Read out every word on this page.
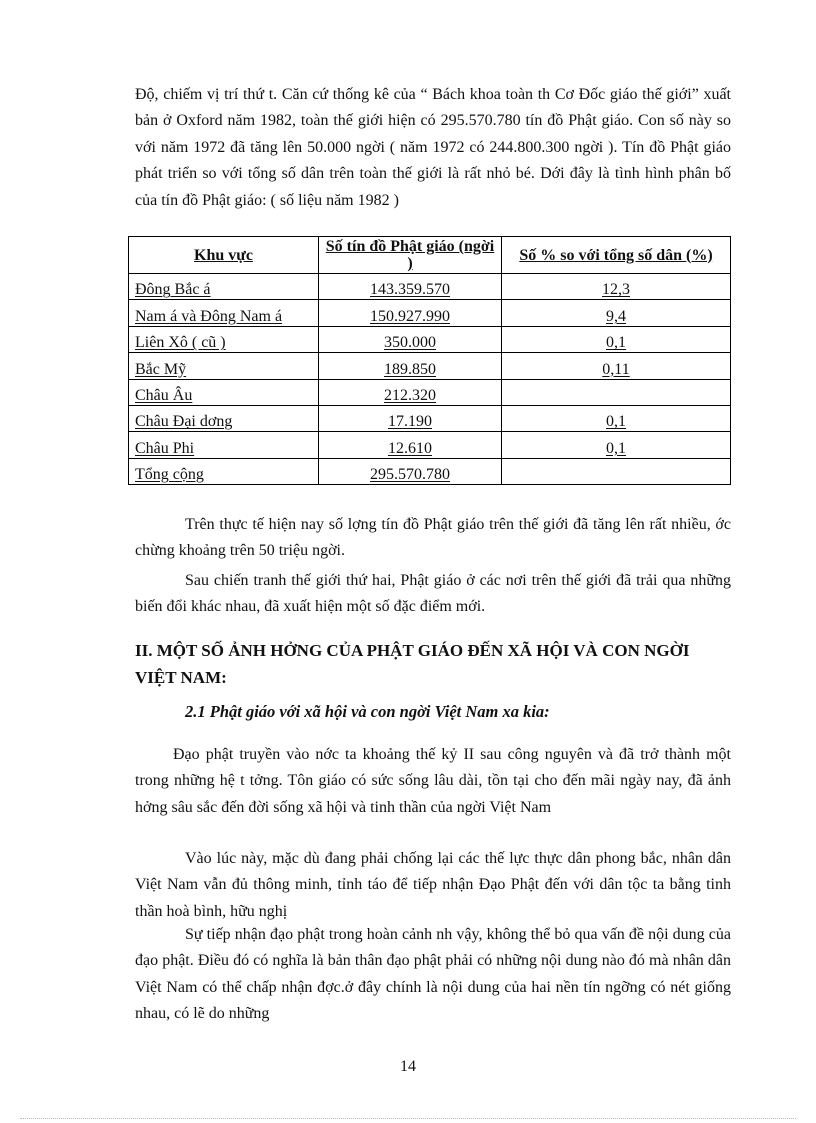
Độ, chiếm vị trí thứ t. Căn cứ thống kê của “ Bách khoa toàn th Cơ Đốc giáo thế giới” xuất bản ở Oxford năm 1982, toàn thế giới hiện có 295.570.780 tín đồ Phật giáo. Con số này so với năm 1972 đã tăng lên 50.000 ngời ( năm 1972 có 244.800.300 ngời ). Tín đồ Phật giáo phát triển so với tổng số dân trên toàn thế giới là rất nhỏ bé. Dới đây là tình hình phân bố của tín đồ Phật giáo: ( số liệu năm 1982 )

Khu vực	Số tín đồ Phật giáo (ngời )	Số % so với tổng số dân (%)
Đông Bắc á	143.359.570	12,3
Nam á và Đông Nam á	150.927.990	9,4
Liên Xô ( cũ )	350.000	0,1
Bắc Mỹ	189.850	0,11
Châu Âu	212.320	
Châu Đại dơng	17.190	0,1
Châu Phi	12.610	0,1
Tổng cộng	295.570.780	

Trên thực tế hiện nay số lợng tín đồ Phật giáo trên thế giới đã tăng lên rất nhiều, ớc chừng khoảng trên 50 triệu ngời.

Sau chiến tranh thế giới thứ hai, Phật giáo ở các nơi trên thế giới đã trải qua những biến đổi khác nhau, đã xuất hiện một số đặc điểm mới.

II. MỘT SỐ ẢNH HỞNG CỦA PHẬT GIÁO ĐẾN XÃ HỘI VÀ CON NGỜI VIỆT NAM:

2.1 Phật giáo với xã hội và con ngời Việt Nam xa kia:

Đạo phật truyền vào nớc ta khoảng thế kỷ II sau công nguyên và đã trở thành một trong những hệ t tởng. Tôn giáo có sức sống lâu dài, tồn tại cho đến mãi ngày nay, đã ảnh hởng sâu sắc đến đời sống xã hội và tinh thần của ngời Việt Nam

Vào lúc này, mặc dù đang phải chống lại các thế lực thực dân phong bắc, nhân dân Việt Nam vẫn đủ thông minh, tỉnh táo để tiếp nhận Đạo Phật đến với dân tộc ta bằng tinh thần hoà bình, hữu nghị

Sự tiếp nhận đạo phật trong hoàn cảnh nh vậy, không thể bỏ qua vấn đề nội dung của đạo phật. Điều đó có nghĩa là bản thân đạo phật phải có những nội dung nào đó mà nhân dân Việt Nam có thể chấp nhận đợc.ở đây chính là nội dung của hai nền tín ngỡng có nét giống nhau, có lẽ do những

14
